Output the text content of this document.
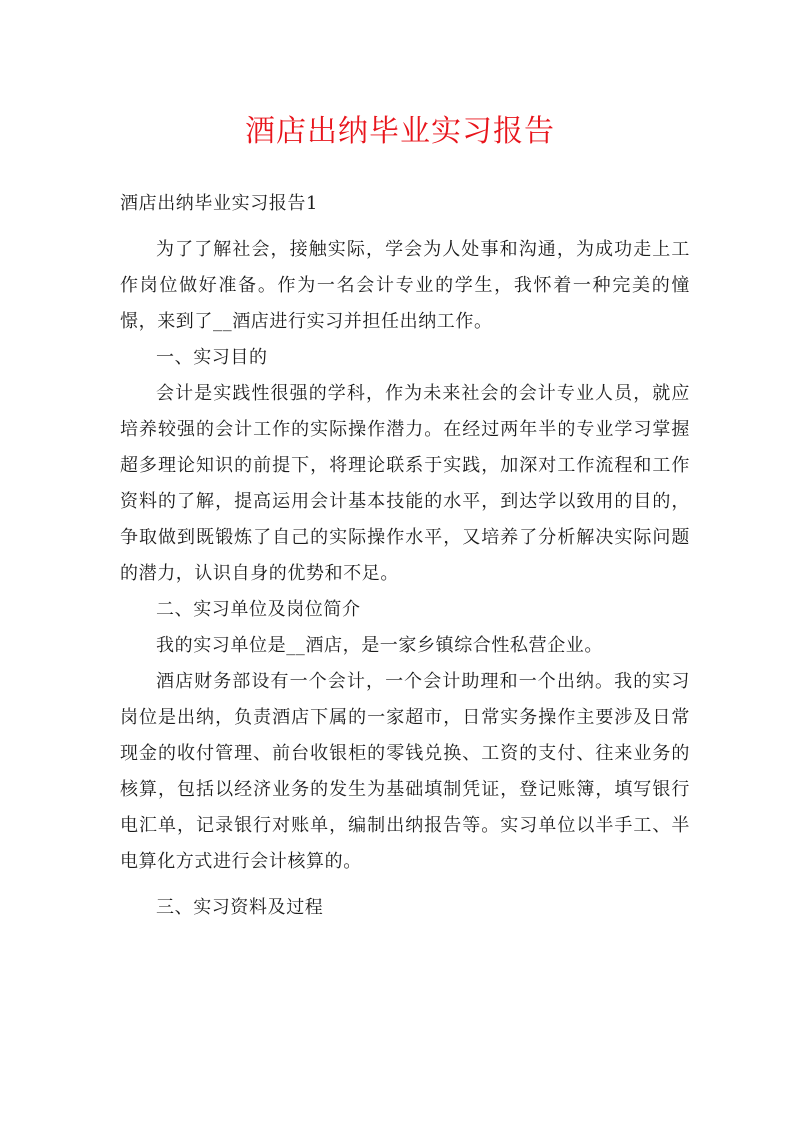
酒店出纳毕业实习报告

酒店出纳毕业实习报告1

为了了解社会，接触实际，学会为人处事和沟通，为成功走上工作岗位做好准备。作为一名会计专业的学生，我怀着一种完美的憧憬，来到了__酒店进行实习并担任出纳工作。

一、实习目的

会计是实践性很强的学科，作为未来社会的会计专业人员，就应培养较强的会计工作的实际操作潜力。在经过两年半的专业学习掌握超多理论知识的前提下，将理论联系于实践，加深对工作流程和工作资料的了解，提高运用会计基本技能的水平，到达学以致用的目的，争取做到既锻炼了自己的实际操作水平，又培养了分析解决实际问题的潜力，认识自身的优势和不足。

二、实习单位及岗位简介

我的实习单位是__酒店，是一家乡镇综合性私营企业。

酒店财务部设有一个会计，一个会计助理和一个出纳。我的实习岗位是出纳，负责酒店下属的一家超市，日常实务操作主要涉及日常现金的收付管理、前台收银柜的零钱兑换、工资的支付、往来业务的核算，包括以经济业务的发生为基础填制凭证，登记账簿，填写银行电汇单，记录银行对账单，编制出纳报告等。实习单位以半手工、半电算化方式进行会计核算的。

三、实习资料及过程
